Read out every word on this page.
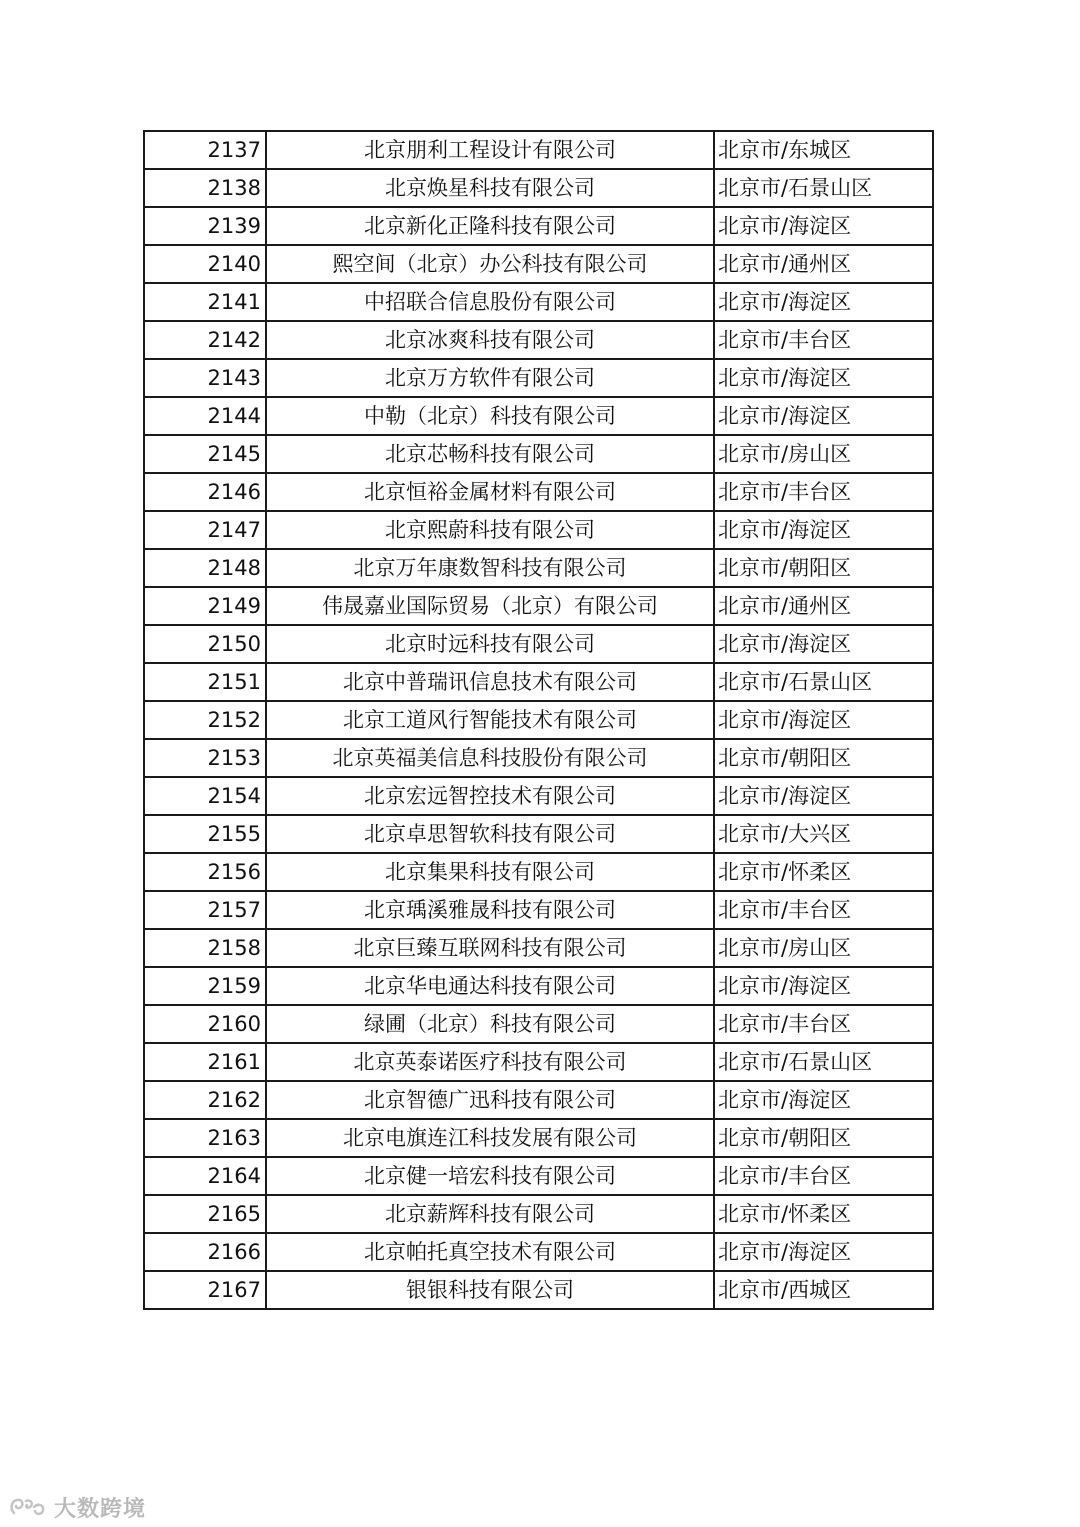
2137	北京朋利工程设计有限公司	北京市/东城区
2138	北京焕星科技有限公司	北京市/石景山区
2139	北京新化正隆科技有限公司	北京市/海淀区
2140	熙空间（北京）办公科技有限公司	北京市/通州区
2141	中招联合信息股份有限公司	北京市/海淀区
2142	北京冰爽科技有限公司	北京市/丰台区
2143	北京万方软件有限公司	北京市/海淀区
2144	中勒（北京）科技有限公司	北京市/海淀区
2145	北京芯畅科技有限公司	北京市/房山区
2146	北京恒裕金属材料有限公司	北京市/丰台区
2147	北京熙蔚科技有限公司	北京市/海淀区
2148	北京万年康数智科技有限公司	北京市/朝阳区
2149	伟晟嘉业国际贸易（北京）有限公司	北京市/通州区
2150	北京时远科技有限公司	北京市/海淀区
2151	北京中普瑞讯信息技术有限公司	北京市/石景山区
2152	北京工道风行智能技术有限公司	北京市/海淀区
2153	北京英福美信息科技股份有限公司	北京市/朝阳区
2154	北京宏远智控技术有限公司	北京市/海淀区
2155	北京卓思智软科技有限公司	北京市/大兴区
2156	北京集果科技有限公司	北京市/怀柔区
2157	北京瑀溪雅晟科技有限公司	北京市/丰台区
2158	北京巨臻互联网科技有限公司	北京市/房山区
2159	北京华电通达科技有限公司	北京市/海淀区
2160	绿圃（北京）科技有限公司	北京市/丰台区
2161	北京英泰诺医疗科技有限公司	北京市/石景山区
2162	北京智德广迅科技有限公司	北京市/海淀区
2163	北京电旗连江科技发展有限公司	北京市/朝阳区
2164	北京健一培宏科技有限公司	北京市/丰台区
2165	北京薪辉科技有限公司	北京市/怀柔区
2166	北京帕托真空技术有限公司	北京市/海淀区
2167	银银科技有限公司	北京市/西城区
大数跨境
